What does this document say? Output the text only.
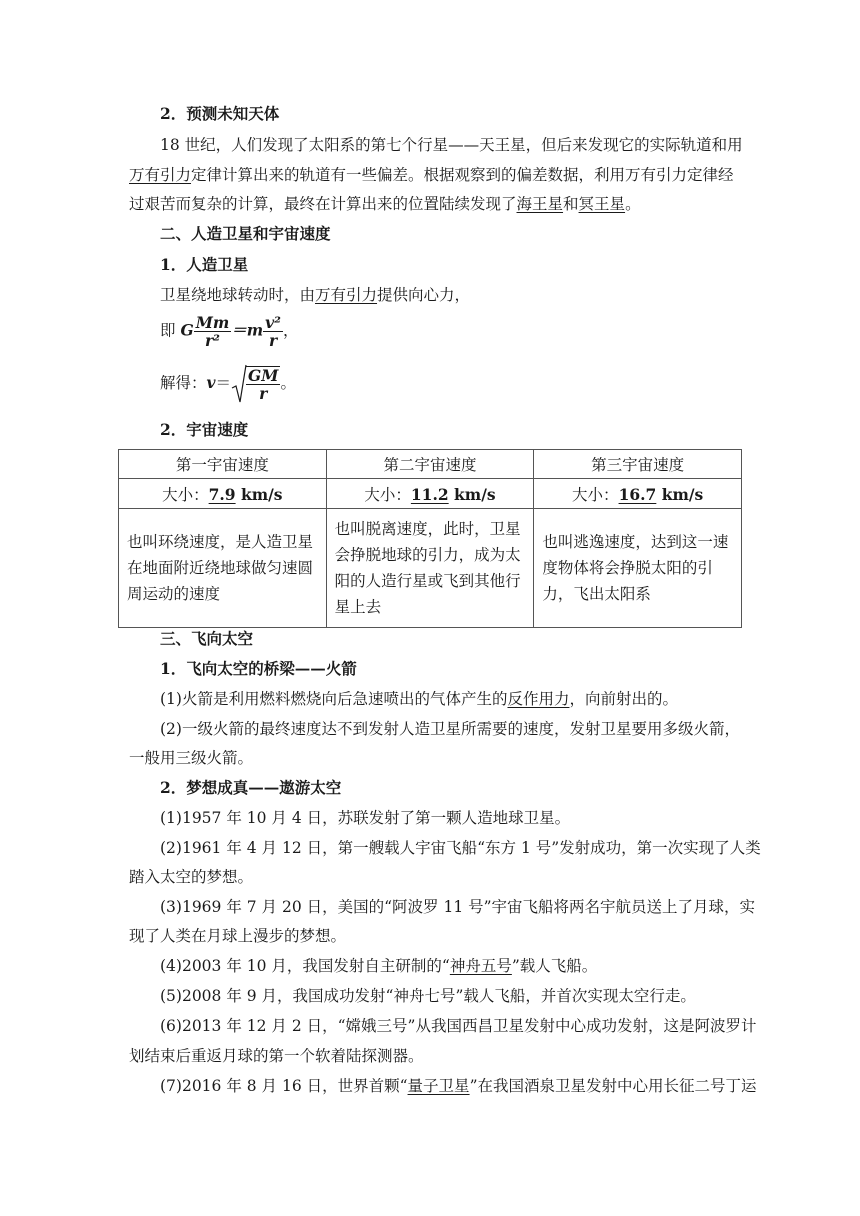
2．预测未知天体
18 世纪，人们发现了太阳系的第七个行星——天王星，但后来发现它的实际轨道和用
万有引力定律计算出来的轨道有一些偏差。根据观察到的偏差数据，利用万有引力定律经
过艰苦而复杂的计算，最终在计算出来的位置陆续发现了海王星和冥王星。
二、人造卫星和宇宙速度
1．人造卫星
卫星绕地球转动时，由万有引力提供向心力，
即 G $\frac{Mm}{\text{r²}} =m \frac{\text{v²}}{r}$ ，
解得：$v= \frac{GM}{r}$ 。
2．宇宙速度
第一宇宙速度	第二宇宙速度	第三宇宙速度
大小：7.9 km/s	大小：11.2 km/s	大小：16.7 km/s
也叫环绕速度，是人造卫星在地面附近绕地球做匀速圆周运动的速度	也叫脱离速度，此时，卫星会挣脱地球的引力，成为太阳的人造行星或飞到其他行星上去	也叫逃逸速度，达到这一速度物体将会挣脱太阳的引力，飞出太阳系
三、飞向太空
1．飞向太空的桥梁——火箭
(1)火箭是利用燃料燃烧向后急速喷出的气体产生的反作用力，向前射出的。
(2)一级火箭的最终速度达不到发射人造卫星所需要的速度，发射卫星要用多级火箭，
一般用三级火箭。
2．梦想成真——遨游太空
(1)1957 年 10 月 4 日，苏联发射了第一颗人造地球卫星。
(2)1961 年 4 月 12 日，第一艘载人宇宙飞船“东方 1 号”发射成功，第一次实现了人类
踏入太空的梦想。
(3)1969 年 7 月 20 日，美国的“阿波罗 11 号”宇宙飞船将两名宇航员送上了月球，实
现了人类在月球上漫步的梦想。
(4)2003 年 10 月，我国发射自主研制的“神舟五号”载人飞船。
(5)2008 年 9 月，我国成功发射“神舟七号”载人飞船，并首次实现太空行走。
(6)2013 年 12 月 2 日，“嫦娥三号”从我国西昌卫星发射中心成功发射，这是阿波罗计
划结束后重返月球的第一个软着陆探测器。
(7)2016 年 8 月 16 日，世界首颗“量子卫星”在我国酒泉卫星发射中心用长征二号丁运
